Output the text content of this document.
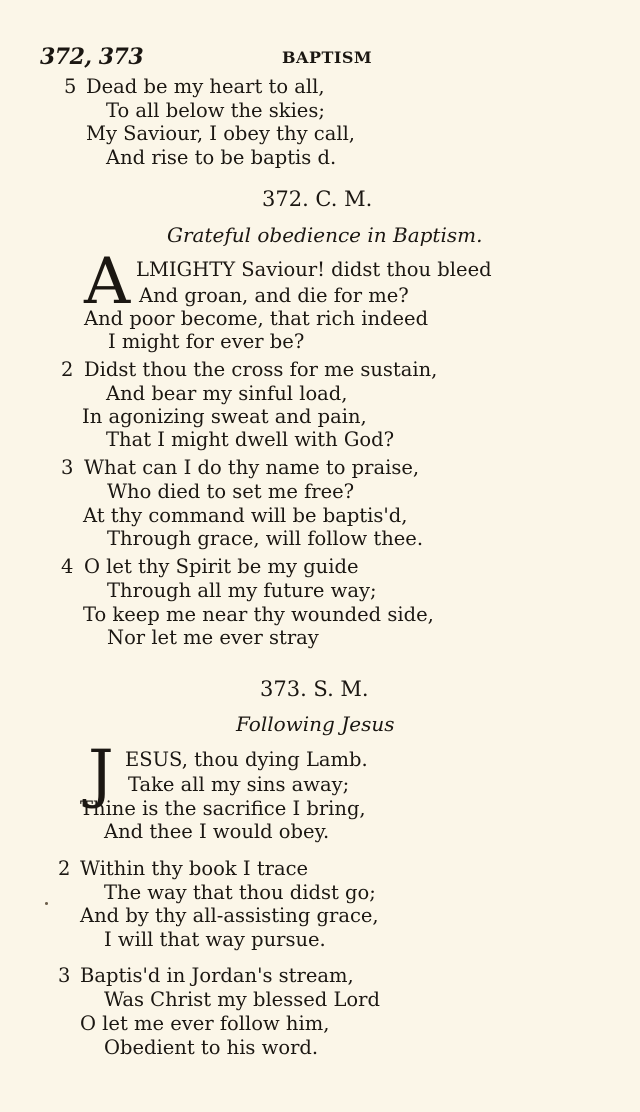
372, 373	BAPTISM
5 Dead be my heart to all,
To all below the skies;
My Saviour, I obey thy call,
And rise to be baptis d.
372. C. M.
Grateful obedience in Baptism.
A LMIGHTY Saviour! didst thou bleed
And groan, and die for me?
And poor become, that rich indeed
I might for ever be?
2 Didst thou the cross for me sustain,
And bear my sinful load,
In agonizing sweat and pain,
That I might dwell with God?
3 What can I do thy name to praise,
Who died to set me free?
At thy command will be baptis'd,
Through grace, will follow thee.
4 O let thy Spirit be my guide
Through all my future way;
To keep me near thy wounded side,
Nor let me ever stray
373. S. M.
Following Jesus
J ESUS, thou dying Lamb.
Take all my sins away;
Thine is the sacrifice I bring,
And thee I would obey.
2 Within thy book I trace
The way that thou didst go;
And by thy all-assisting grace,
I will that way pursue.
3 Baptis'd in Jordan's stream,
Was Christ my blessed Lord
O let me ever follow him,
Obedient to his word.
